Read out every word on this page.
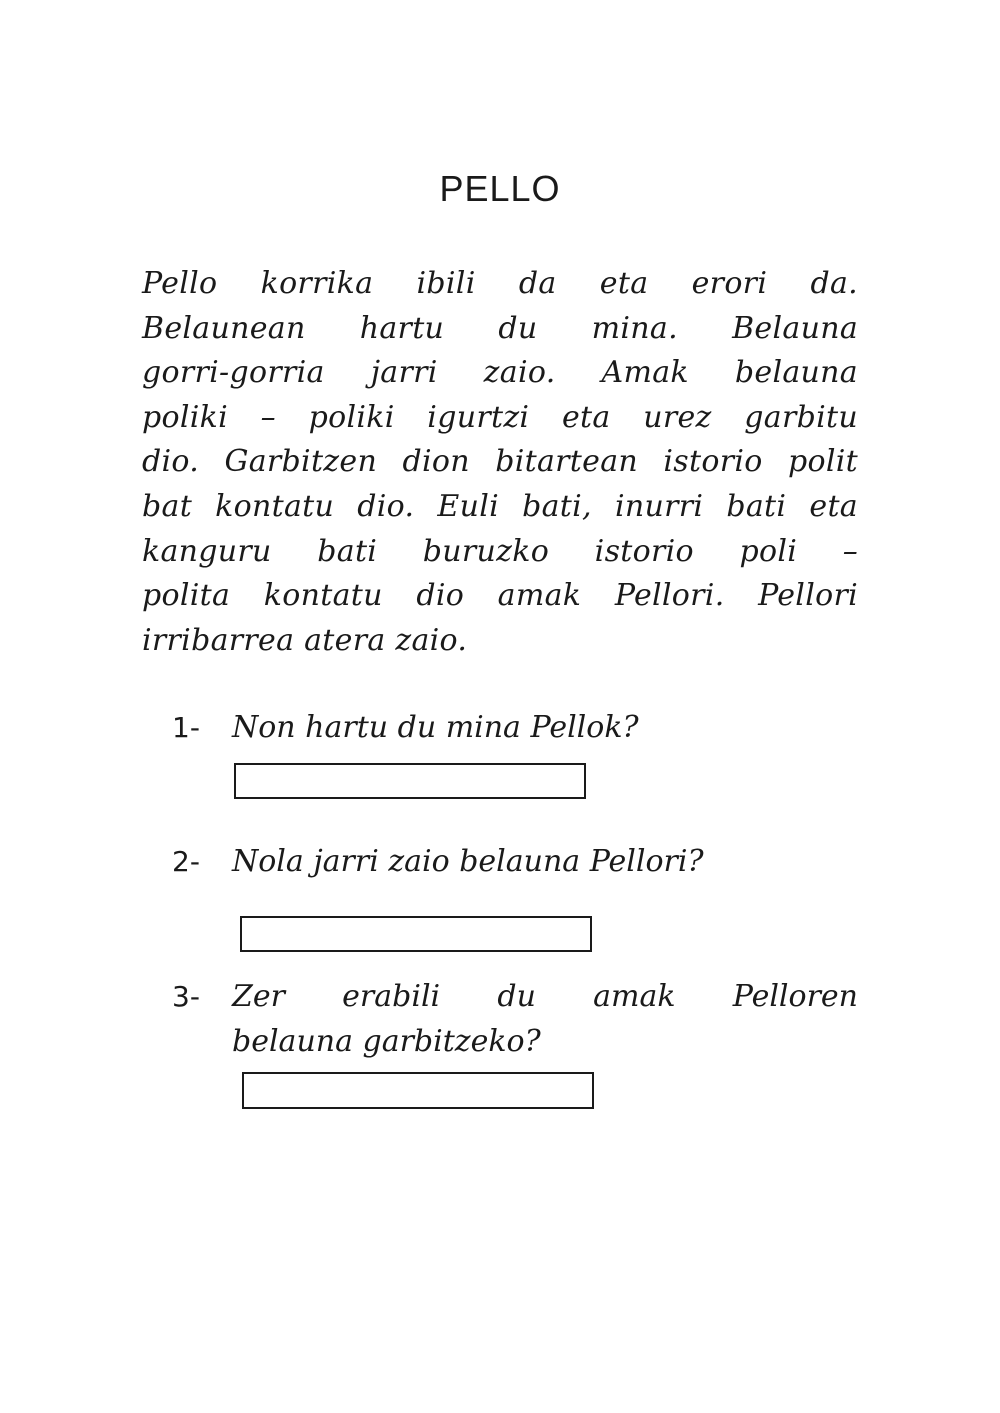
PELLO
Pello korrika ibili da eta erori da.
Belaunean hartu du mina. Belauna
gorri-gorria jarri zaio. Amak belauna
poliki – poliki igurtzi eta urez garbitu
dio. Garbitzen dion bitartean istorio polit
bat kontatu dio. Euli bati, inurri bati eta
kanguru bati buruzko istorio poli –
polita kontatu dio amak Pellori. Pellori
irribarrea atera zaio.
1-	Non hartu du mina Pellok?
2-	Nola jarri zaio belauna Pellori?
3-	Zer erabili du amak Pelloren
belauna garbitzeko?
